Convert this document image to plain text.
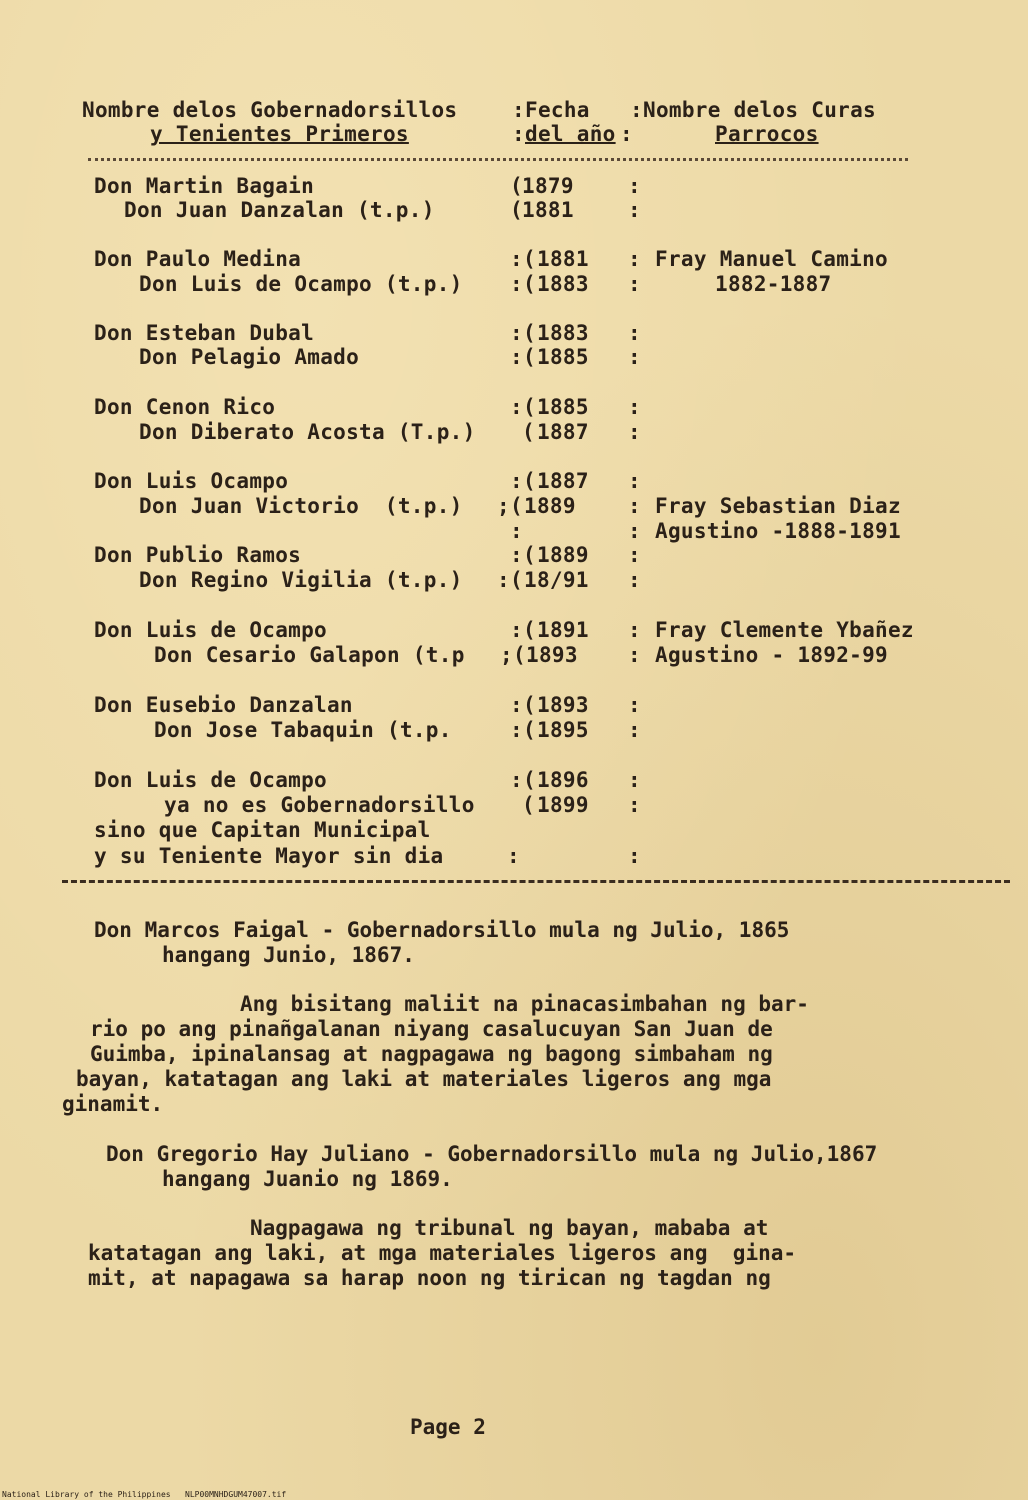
Nombre delos Gobernadorsillos	: Fecha : Nombre delos Curas
y Tenientes Primeros	: del año :	Parrocos
Don Martin Bagain	( 1879	:
Don Juan Danzalan (t.p.)	( 1881	:
Don Paulo Medina	:( 1881 : Fray Manuel Camino
Don Luis de Ocampo (t.p.) :( 1883 :	1882-1887
Don Esteban Dubal	:( 1883 :
Don Pelagio Amado	:( 1885 :
Don Cenon Rico	:( 1885 :
Don Diberato Acosta (T.p.) ( 1887 :
Don Luis Ocampo	:( 1887 :
Don Juan Victorio  (t.p.) ;( 1889 : Fray Sebastian Diaz
:	: Agustino -1888-1891
Don Publio Ramos	:( 1889 :
Don Regino Vigilia (t.p.) :( 18/91 :
Don Luis de Ocampo	:( 1891 : Fray Clemente Ybañez
Don Cesario Galapon (t.p ;( 1893 : Agustino - 1892-99
Don Eusebio Danzalan	:( 1893 :
Don Jose Tabaquin (t.p.	:( 1895 :
Don Luis de Ocampo	:( 1896 :
ya no es Gobernadorsillo ( 1899 :
sino que Capitan Municipal
y su Teniente Mayor sin dia	:	:
Don Marcos Faigal - Gobernadorsillo mula ng Julio, 1865
hangang Junio, 1867.
Ang bisitang maliit na pinacasimbahan ng bar-
rio po ang pinañgalanan niyang casalucuyan San Juan de
Guimba, ipinalansag at nagpagawa ng bagong simbaham ng
bayan, katatagan ang laki at materiales ligeros ang mga
ginamit.
Don Gregorio Hay Juliano - Gobernadorsillo mula ng Julio,1867
hangang Juanio ng 1869.
Nagpagawa ng tribunal ng bayan, mababa at
katatagan ang laki, at mga materiales ligeros ang  gina-
mit, at napagawa sa harap noon ng tirican ng tagdan ng
Page 2
National Library of the Philippines   NLP00MNHDGUM47007.tif
